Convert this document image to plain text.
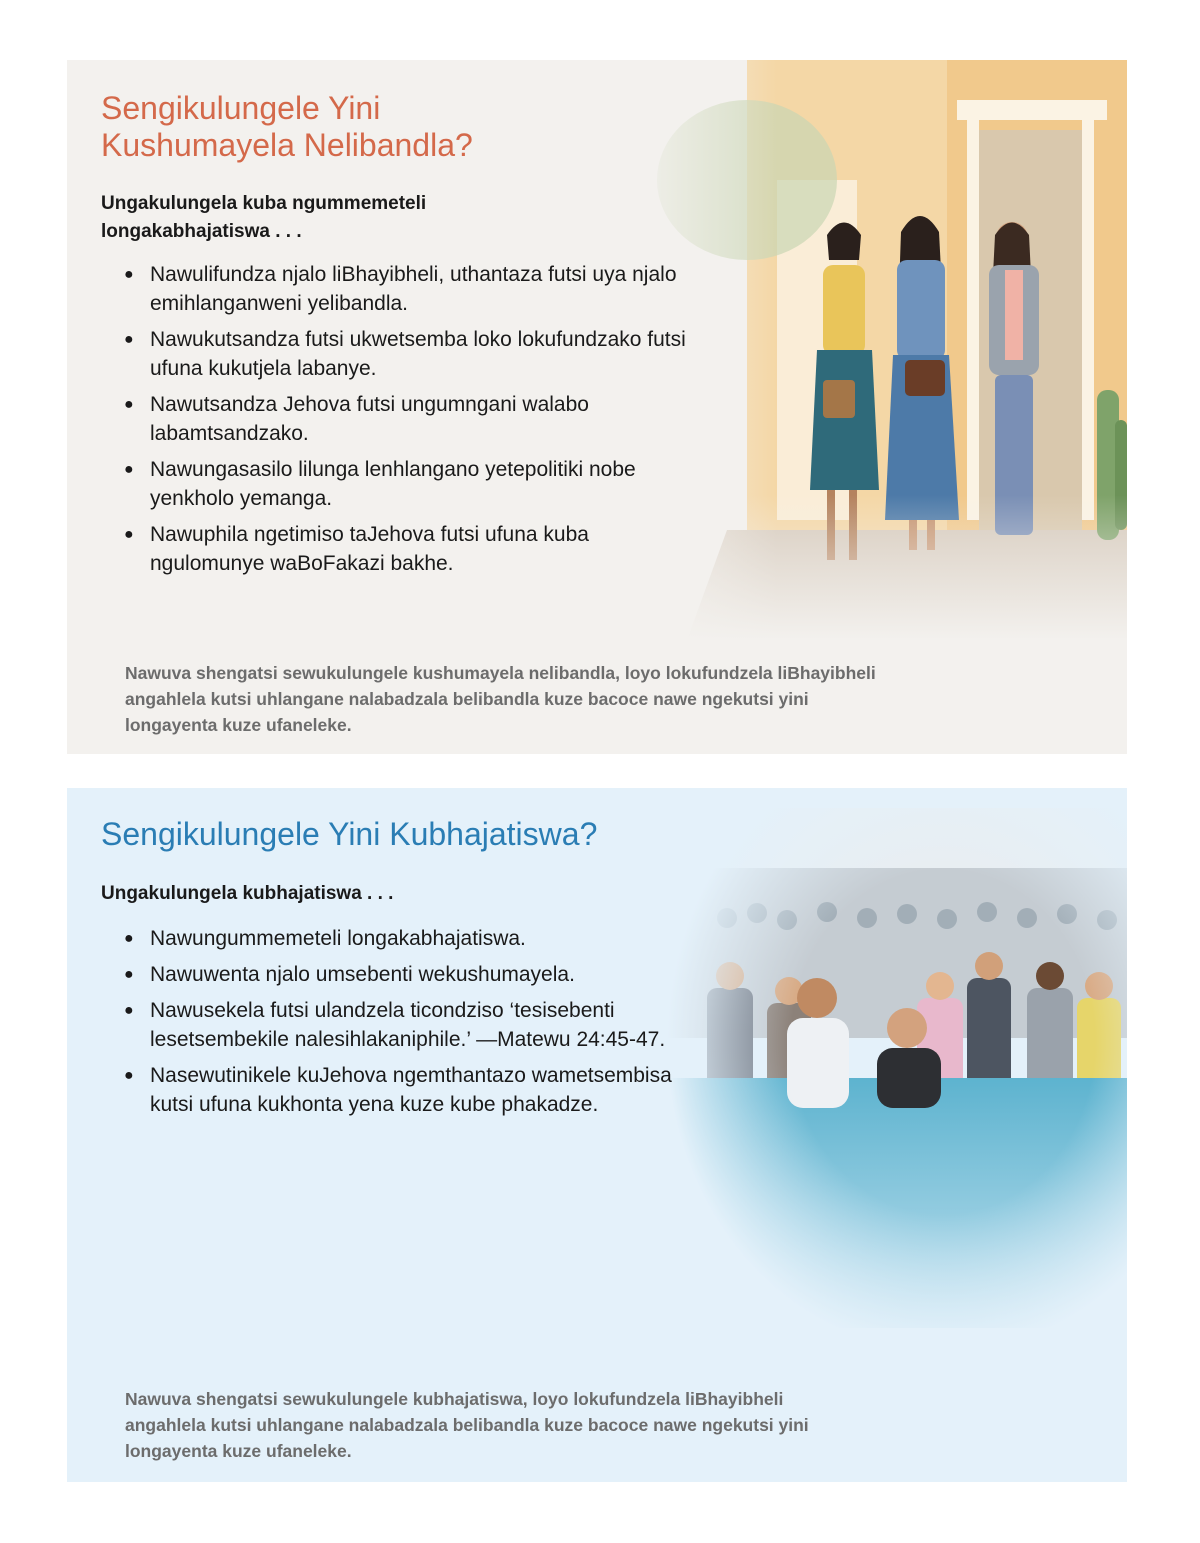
Sengikulungele Yini
Kushumayela Nelibandla?

Ungakulungela kuba ngummemeteli longakabhajatiswa . . .

● Nawulifundza njalo liBhayibheli, uthantaza futsi uya njalo emihlanganweni yelibandla.
● Nawukutsandza futsi ukwetsemba loko lokufundzako futsi ufuna kukutjela labanye.
● Nawutsandza Jehova futsi ungumngani walabo labamtsandzako.
● Nawungasasilo lilunga lenhlangano yetepolitiki nobe yenkholo yemanga.
● Nawuphila ngetimiso taJehova futsi ufuna kuba ngulomunye waBoFakazi bakhe.

Nawuva shengatsi sewukulungele kushumayela nelibandla, loyo lokufundzela liBhayibheli angahlela kutsi uhlangane nalabadzala belibandla kuze bacoce nawe ngekutsi yini longayenta kuze ufaneleke.

Sengikulungele Yini Kubhajatiswa?

Ungakulungela kubhajatiswa . . .

● Nawungummemeteli longakabhajatiswa.
● Nawuwenta njalo umsebenti wekushumayela.
● Nawusekela futsi ulandzela ticondziso ‘tesisebenti lesetsembekile nalesihlakaniphile.’ —Matewu 24:45-47.
● Nasewutinikele kuJehova ngemthantazo wametsembisa kutsi ufuna kukhonta yena kuze kube phakadze.

Nawuva shengatsi sewukulungele kubhajatiswa, loyo lokufundzela liBhayibheli angahlela kutsi uhlangane nalabadzala belibandla kuze bacoce nawe ngekutsi yini longayenta kuze ufaneleke.
